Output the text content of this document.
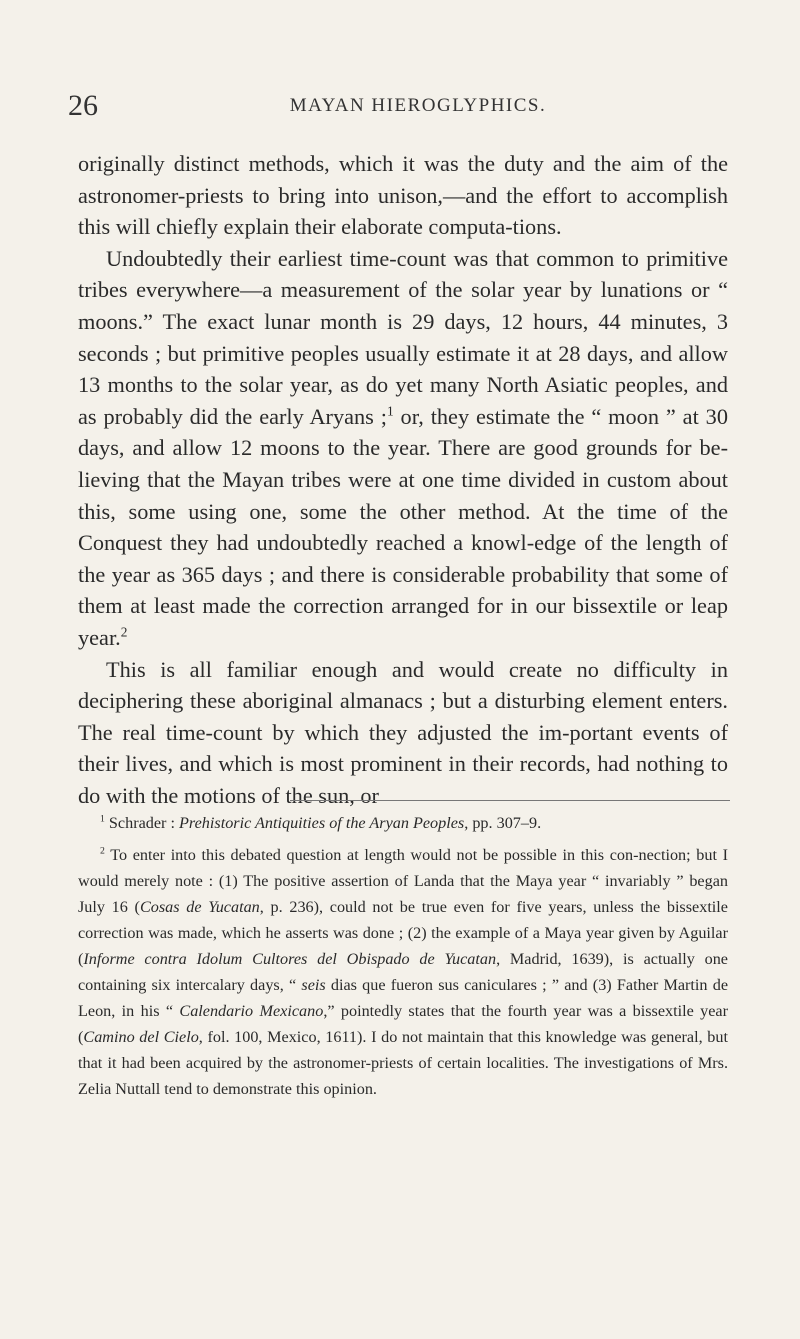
26	MAYAN HIEROGLYPHICS.

originally distinct methods, which it was the duty and the aim of the astronomer-priests to bring into unison,—and the effort to accomplish this will chiefly explain their elaborate computa-tions.

Undoubtedly their earliest time-count was that common to primitive tribes everywhere—a measurement of the solar year by lunations or “ moons.” The exact lunar month is 29 days, 12 hours, 44 minutes, 3 seconds ; but primitive peoples usually estimate it at 28 days, and allow 13 months to the solar year, as do yet many North Asiatic peoples, and as probably did the early Aryans ;$^1$ or, they estimate the “ moon ” at 30 days, and allow 12 moons to the year. There are good grounds for be-lieving that the Mayan tribes were at one time divided in custom about this, some using one, some the other method. At the time of the Conquest they had undoubtedly reached a knowl-edge of the length of the year as 365 days ; and there is considerable probability that some of them at least made the correction arranged for in our bissextile or leap year.$^2$

This is all familiar enough and would create no difficulty in deciphering these aboriginal almanacs ; but a disturbing element enters. The real time-count by which they adjusted the im-portant events of their lives, and which is most prominent in their records, had nothing to do with the motions of the sun, or

$^1$ Schrader : Prehistoric Antiquities of the Aryan Peoples, pp. 307–9.

$^2$ To enter into this debated question at length would not be possible in this con-nection; but I would merely note : (1) The positive assertion of Landa that the Maya year “ invariably ” began July 16 (Cosas de Yucatan, p. 236), could not be true even for five years, unless the bissextile correction was made, which he asserts was done ; (2) the example of a Maya year given by Aguilar (Informe contra Idolum Cultores del Obispado de Yucatan, Madrid, 1639), is actually one containing six intercalary days, “ seis dias que fueron sus caniculares ; ” and (3) Father Martin de Leon, in his “ Calendario Mexicano,” pointedly states that the fourth year was a bissextile year (Camino del Cielo, fol. 100, Mexico, 1611). I do not maintain that this knowledge was general, but that it had been acquired by the astronomer-priests of certain localities. The investigations of Mrs. Zelia Nuttall tend to demonstrate this opinion.
